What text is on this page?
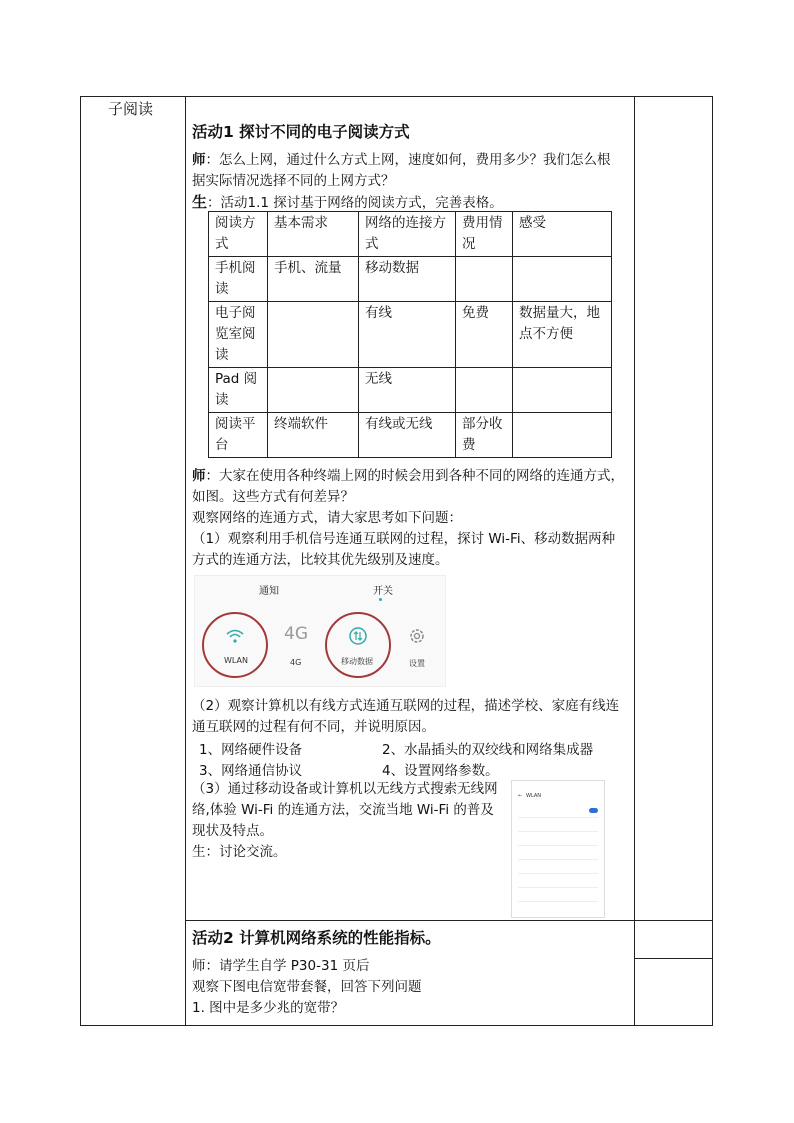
子阅读
活动1 探讨不同的电子阅读方式
师：怎么上网，通过什么方式上网，速度如何，费用多少？我们怎么根
据实际情况选择不同的上网方式？
生：活动1.1 探讨基于网络的阅读方式，完善表格。
阅读方式	基本需求	网络的连接方式	费用情况	感受
手机阅读	手机、流量	移动数据		
电子阅览室阅读		有线	免费	数据量大，地点不方便
Pad 阅读		无线		
阅读平台	终端软件	有线或无线	部分收费	
师：大家在使用各种终端上网的时候会用到各种不同的网络的连通方式，
如图。这些方式有何差异？
观察网络的连通方式，请大家思考如下问题：
（1）观察利用手机信号连通互联网的过程，探讨 Wi-Fi、移动数据两种
方式的连通方法，比较其优先级别及速度。
通知	开关
WLAN
4G
4G	移动数据	设置
（2）观察计算机以有线方式连通互联网的过程，描述学校、家庭有线连
通互联网的过程有何不同，并说明原因。
1、网络硬件设备	2、水晶插头的双绞线和网络集成器
3、网络通信协议	4、设置网络参数。
（3）通过移动设备或计算机以无线方式搜索无线网
络,体验 Wi-Fi 的连通方法，交流当地 Wi-Fi 的普及
现状及特点。
生：讨论交流。
← WLAN
活动2 计算机网络系统的性能指标。
师：请学生自学 P30-31 页后
观察下图电信宽带套餐，回答下列问题
1. 图中是多少兆的宽带？
